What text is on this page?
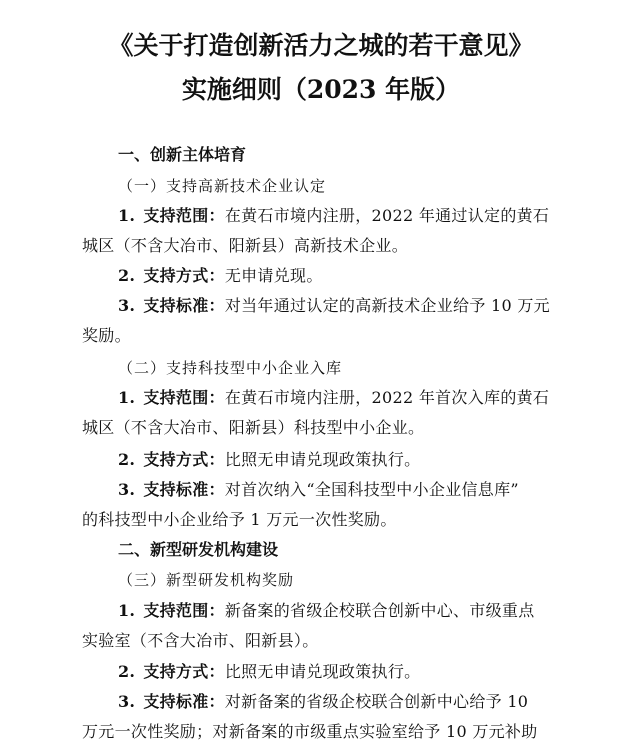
《关于打造创新活力之城的若干意见》
实施细则（2023 年版）
一、创新主体培育
（一）支持高新技术企业认定
1. 支持范围：在黄石市境内注册，2022 年通过认定的黄石
城区（不含大冶市、阳新县）高新技术企业。
2. 支持方式：无申请兑现。
3. 支持标准：对当年通过认定的高新技术企业给予 10 万元
奖励。
（二）支持科技型中小企业入库
1. 支持范围：在黄石市境内注册，2022 年首次入库的黄石
城区（不含大冶市、阳新县）科技型中小企业。
2. 支持方式：比照无申请兑现政策执行。
3. 支持标准：对首次纳入“全国科技型中小企业信息库”
的科技型中小企业给予 1 万元一次性奖励。
二、新型研发机构建设
（三）新型研发机构奖励
1. 支持范围：新备案的省级企校联合创新中心、市级重点
实验室（不含大冶市、阳新县）。
2. 支持方式：比照无申请兑现政策执行。
3. 支持标准：对新备案的省级企校联合创新中心给予 10
万元一次性奖励；对新备案的市级重点实验室给予 10 万元补助
